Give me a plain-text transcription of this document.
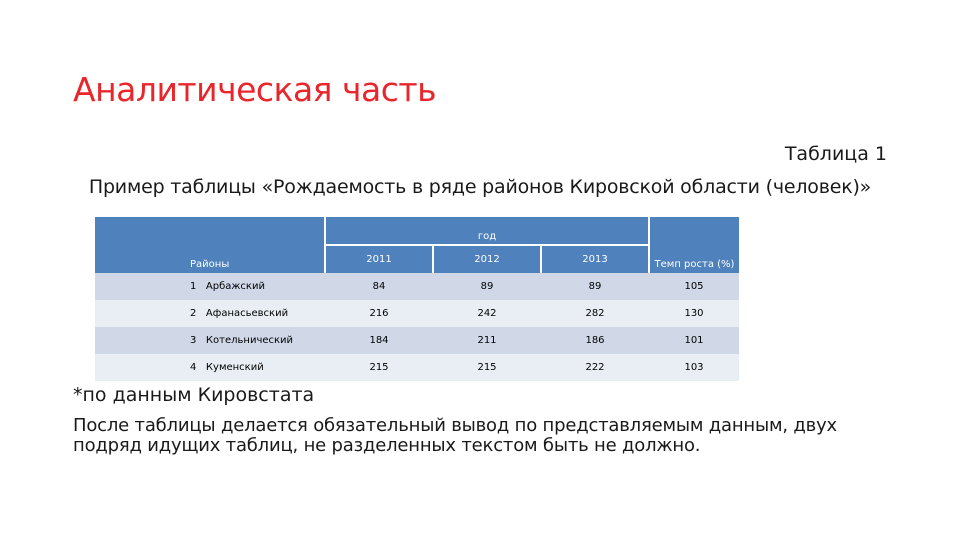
Аналитическая часть
Таблица 1
Пример таблицы «Рождаемость в ряде районов Кировской области (человек)»
Районы		год			Темп роста (%)
		2011	2012	2013	
	1 Арбажский	84	89	89	105
	2 Афанасьевский	216	242	282	130
	3 Котельнический	184	211	186	101
	4 Куменский	215	215	222	103
*по данным Кировстата
После таблицы делается обязательный вывод по представляемым данным, двух подряд идущих таблиц, не разделенных текстом быть не должно.
